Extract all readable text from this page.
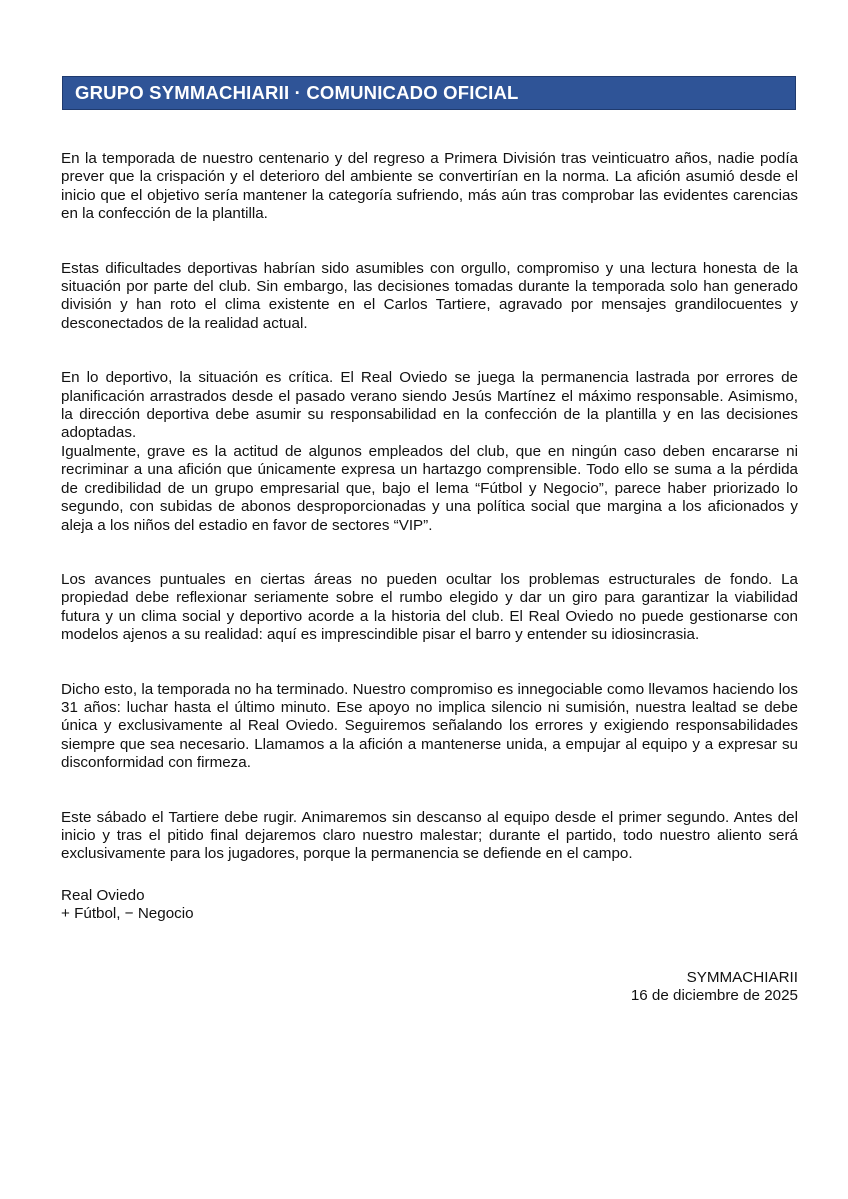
GRUPO SYMMACHIARII · COMUNICADO OFICIAL

En la temporada de nuestro centenario y del regreso a Primera División tras veinticuatro años, nadie podía prever que la crispación y el deterioro del ambiente se convertirían en la norma. La afición asumió desde el inicio que el objetivo sería mantener la categoría sufriendo, más aún tras comprobar las evidentes carencias en la confección de la plantilla.

Estas dificultades deportivas habrían sido asumibles con orgullo, compromiso y una lectura honesta de la situación por parte del club. Sin embargo, las decisiones tomadas durante la temporada solo han generado división y han roto el clima existente en el Carlos Tartiere, agravado por mensajes grandilocuentes y desconectados de la realidad actual.

En lo deportivo, la situación es crítica. El Real Oviedo se juega la permanencia lastrada por errores de planificación arrastrados desde el pasado verano siendo Jesús Martínez el máximo responsable. Asimismo, la dirección deportiva debe asumir su responsabilidad en la confección de la plantilla y en las decisiones adoptadas.

Igualmente, grave es la actitud de algunos empleados del club, que en ningún caso deben encararse ni recriminar a una afición que únicamente expresa un hartazgo comprensible. Todo ello se suma a la pérdida de credibilidad de un grupo empresarial que, bajo el lema “Fútbol y Negocio”, parece haber priorizado lo segundo, con subidas de abonos desproporcionadas y una política social que margina a los aficionados y aleja a los niños del estadio en favor de sectores “VIP”.

Los avances puntuales en ciertas áreas no pueden ocultar los problemas estructurales de fondo. La propiedad debe reflexionar seriamente sobre el rumbo elegido y dar un giro para garantizar la viabilidad futura y un clima social y deportivo acorde a la historia del club. El Real Oviedo no puede gestionarse con modelos ajenos a su realidad: aquí es imprescindible pisar el barro y entender su idiosincrasia.

Dicho esto, la temporada no ha terminado. Nuestro compromiso es innegociable como llevamos haciendo los 31 años: luchar hasta el último minuto. Ese apoyo no implica silencio ni sumisión, nuestra lealtad se debe única y exclusivamente al Real Oviedo. Seguiremos señalando los errores y exigiendo responsabilidades siempre que sea necesario. Llamamos a la afición a mantenerse unida, a empujar al equipo y a expresar su disconformidad con firmeza.

Este sábado el Tartiere debe rugir. Animaremos sin descanso al equipo desde el primer segundo. Antes del inicio y tras el pitido final dejaremos claro nuestro malestar; durante el partido, todo nuestro aliento será exclusivamente para los jugadores, porque la permanencia se defiende en el campo.

Real Oviedo
+ Fútbol, − Negocio
SYMMACHIARII
16 de diciembre de 2025
